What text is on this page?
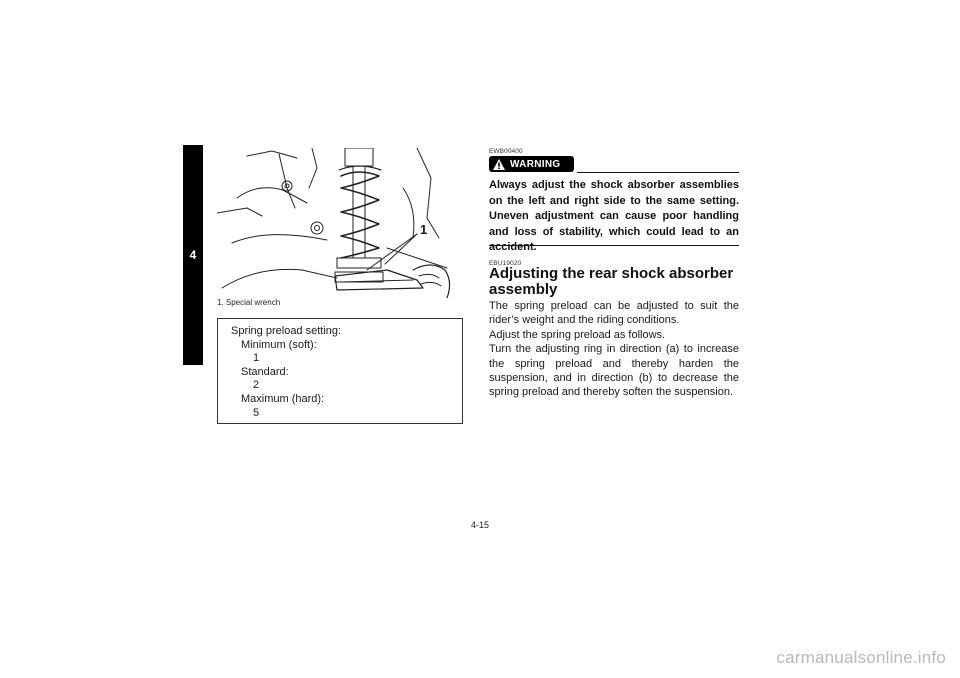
4
1
1. Special wrench
Spring preload setting:
Minimum (soft):
1
Standard:
2
Maximum (hard):
5
EWB00400
WARNING
Always adjust the shock absorber assemblies on the left and right side to the same setting. Uneven adjustment can cause poor handling and loss of stability, which could lead to an accident.
EBU19020
Adjusting the rear shock absorber assembly

The spring preload can be adjusted to suit the rider’s weight and the riding conditions.

Adjust the spring preload as follows.

Turn the adjusting ring in direction (a) to increase the spring preload and thereby harden the suspension, and in direction (b) to decrease the spring preload and thereby soften the suspension.

4-15
carmanualsonline.info
